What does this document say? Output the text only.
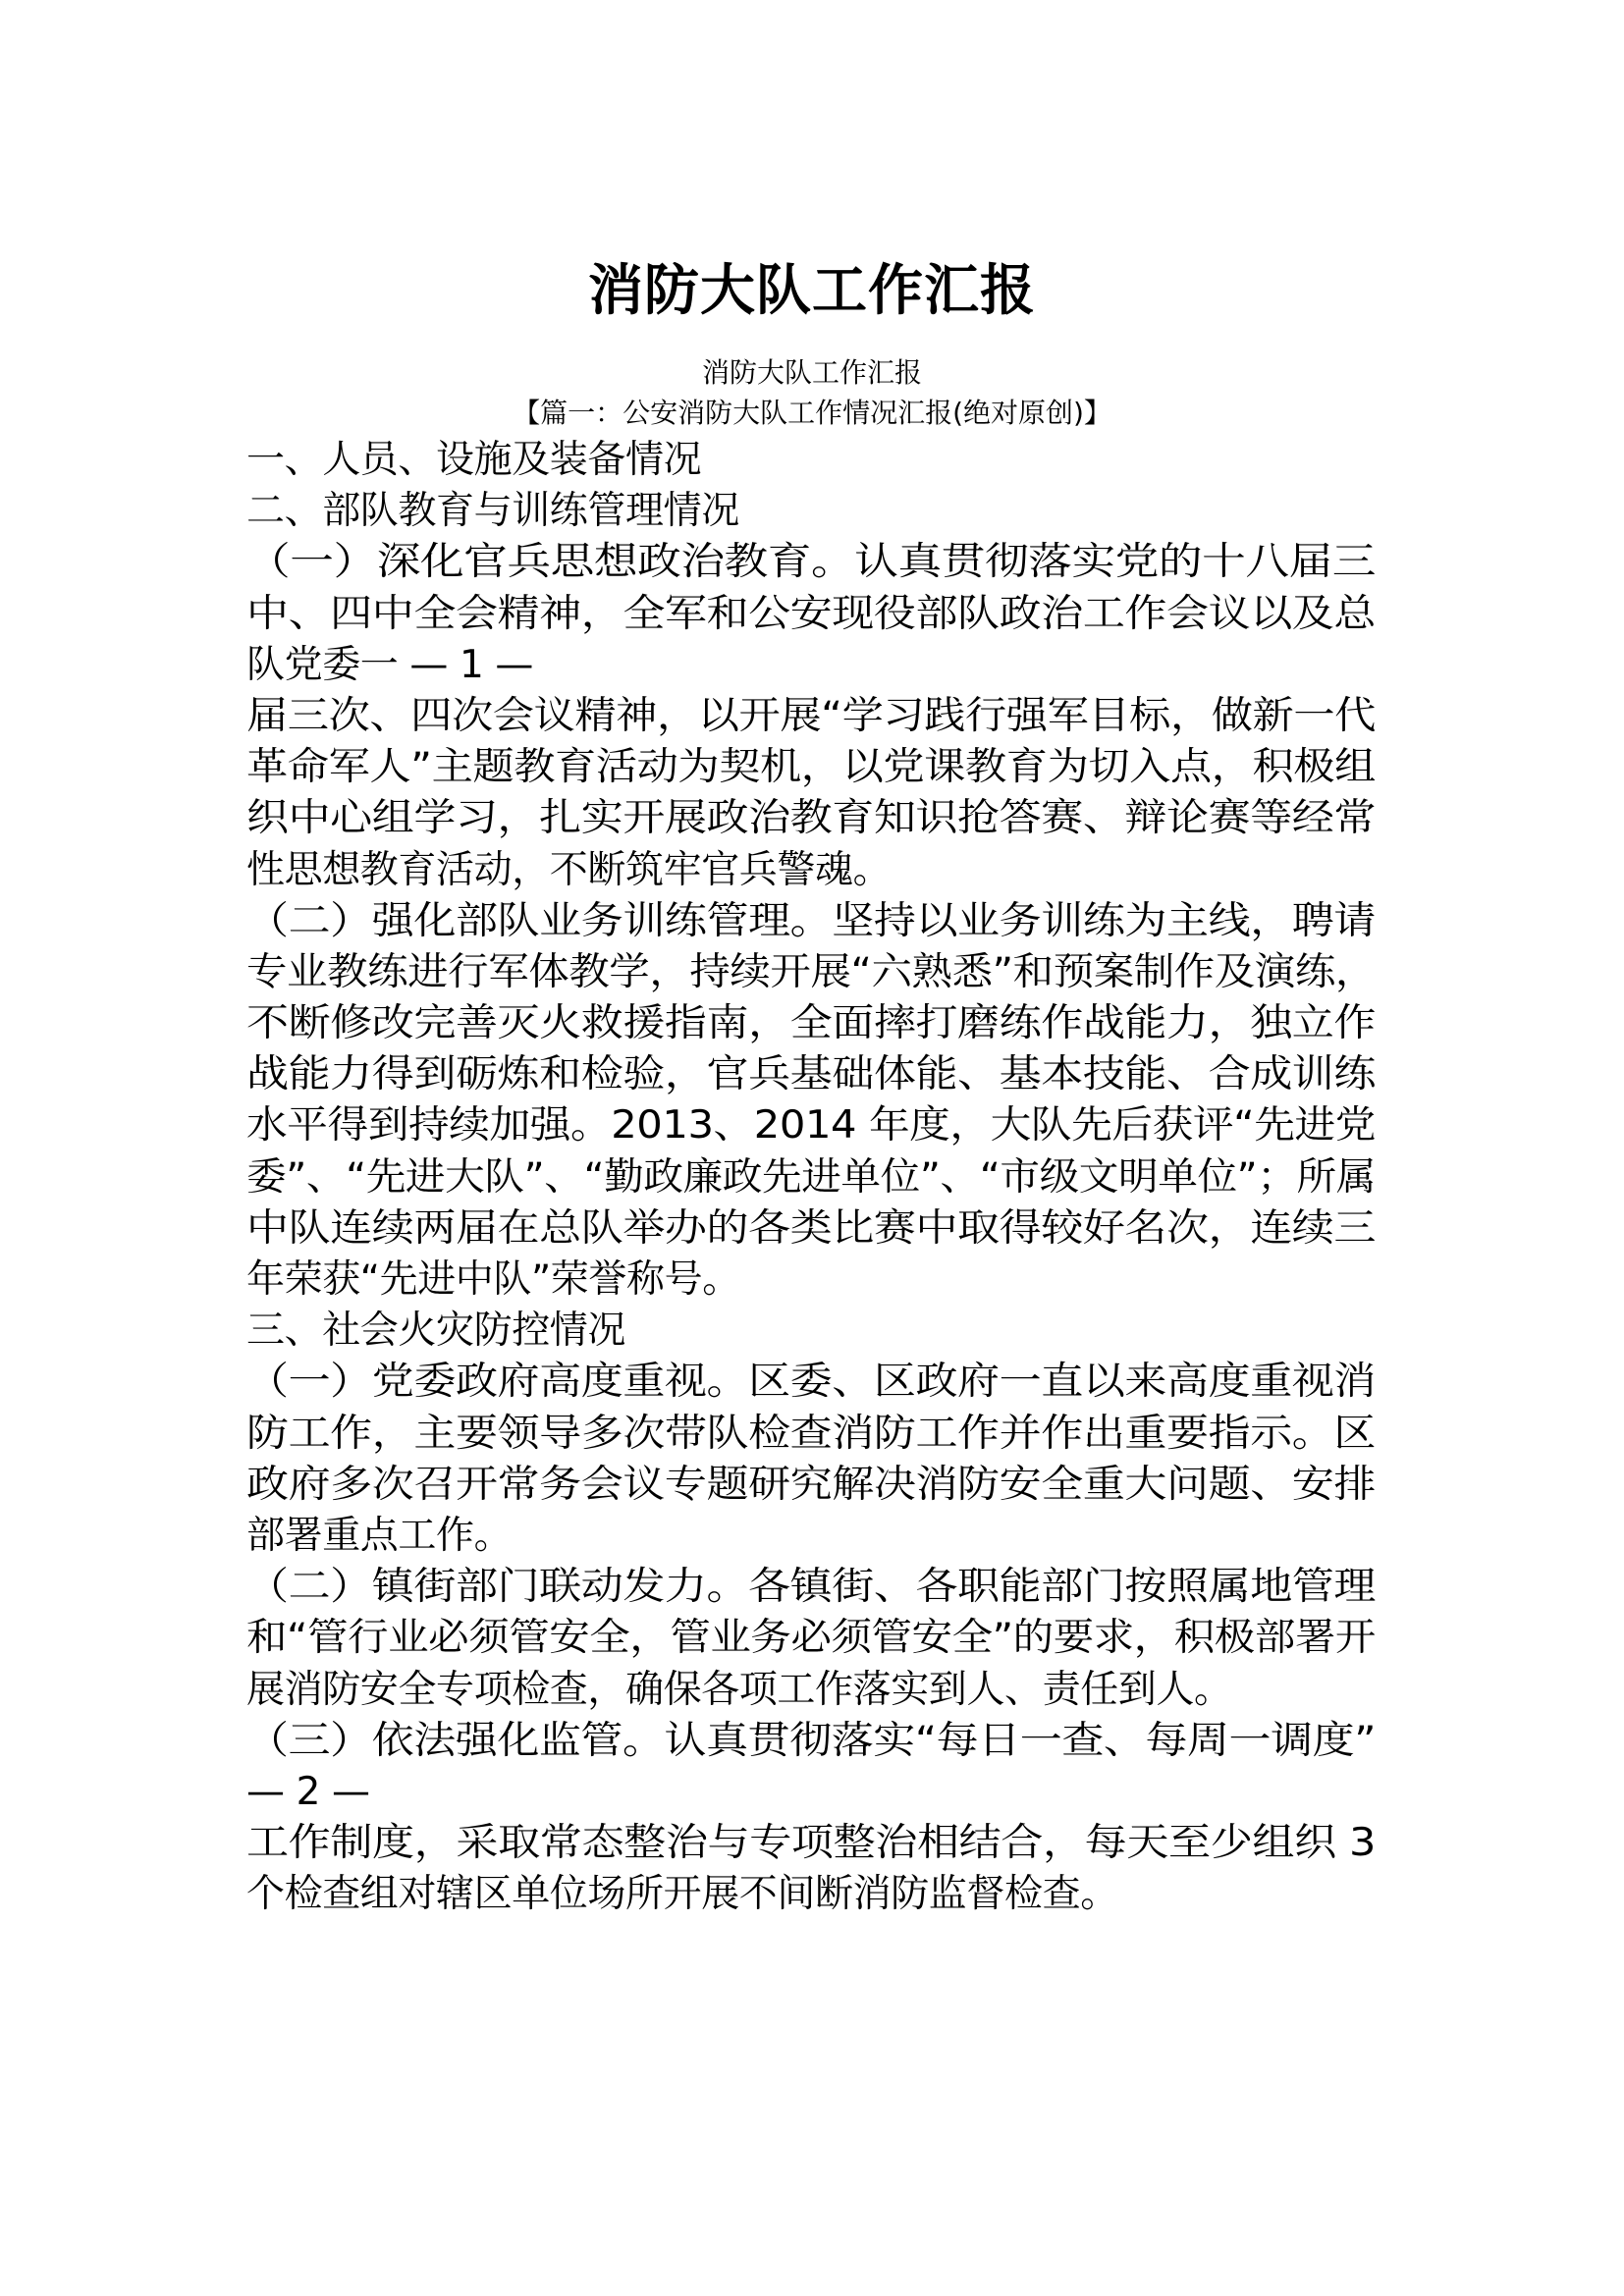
消防大队工作汇报
消防大队工作汇报
【篇一：公安消防大队工作情况汇报(绝对原创)】
一、人员、设施及装备情况
二、部队教育与训练管理情况
（一）深化官兵思想政治教育。认真贯彻落实党的十八届三
中、四中全会精神，全军和公安现役部队政治工作会议以及总
队党委一 — 1 —
届三次、四次会议精神，以开展“学习践行强军目标，做新一代
革命军人”主题教育活动为契机，以党课教育为切入点，积极组
织中心组学习，扎实开展政治教育知识抢答赛、辩论赛等经常
性思想教育活动，不断筑牢官兵警魂。
（二）强化部队业务训练管理。坚持以业务训练为主线，聘请
专业教练进行军体教学，持续开展“六熟悉”和预案制作及演练，
不断修改完善灭火救援指南，全面摔打磨练作战能力，独立作
战能力得到砺炼和检验，官兵基础体能、基本技能、合成训练
水平得到持续加强。2013、2014 年度，大队先后获评“先进党
委”、“先进大队”、“勤政廉政先进单位”、“市级文明单位”；所属
中队连续两届在总队举办的各类比赛中取得较好名次，连续三
年荣获“先进中队”荣誉称号。
三、社会火灾防控情况
（一）党委政府高度重视。区委、区政府一直以来高度重视消
防工作，主要领导多次带队检查消防工作并作出重要指示。区
政府多次召开常务会议专题研究解决消防安全重大问题、安排
部署重点工作。
（二）镇街部门联动发力。各镇街、各职能部门按照属地管理
和“管行业必须管安全，管业务必须管安全”的要求，积极部署开
展消防安全专项检查，确保各项工作落实到人、责任到人。
（三）依法强化监管。认真贯彻落实“每日一查、每周一调度”
— 2 —
工作制度，采取常态整治与专项整治相结合，每天至少组织 3
个检查组对辖区单位场所开展不间断消防监督检查。
